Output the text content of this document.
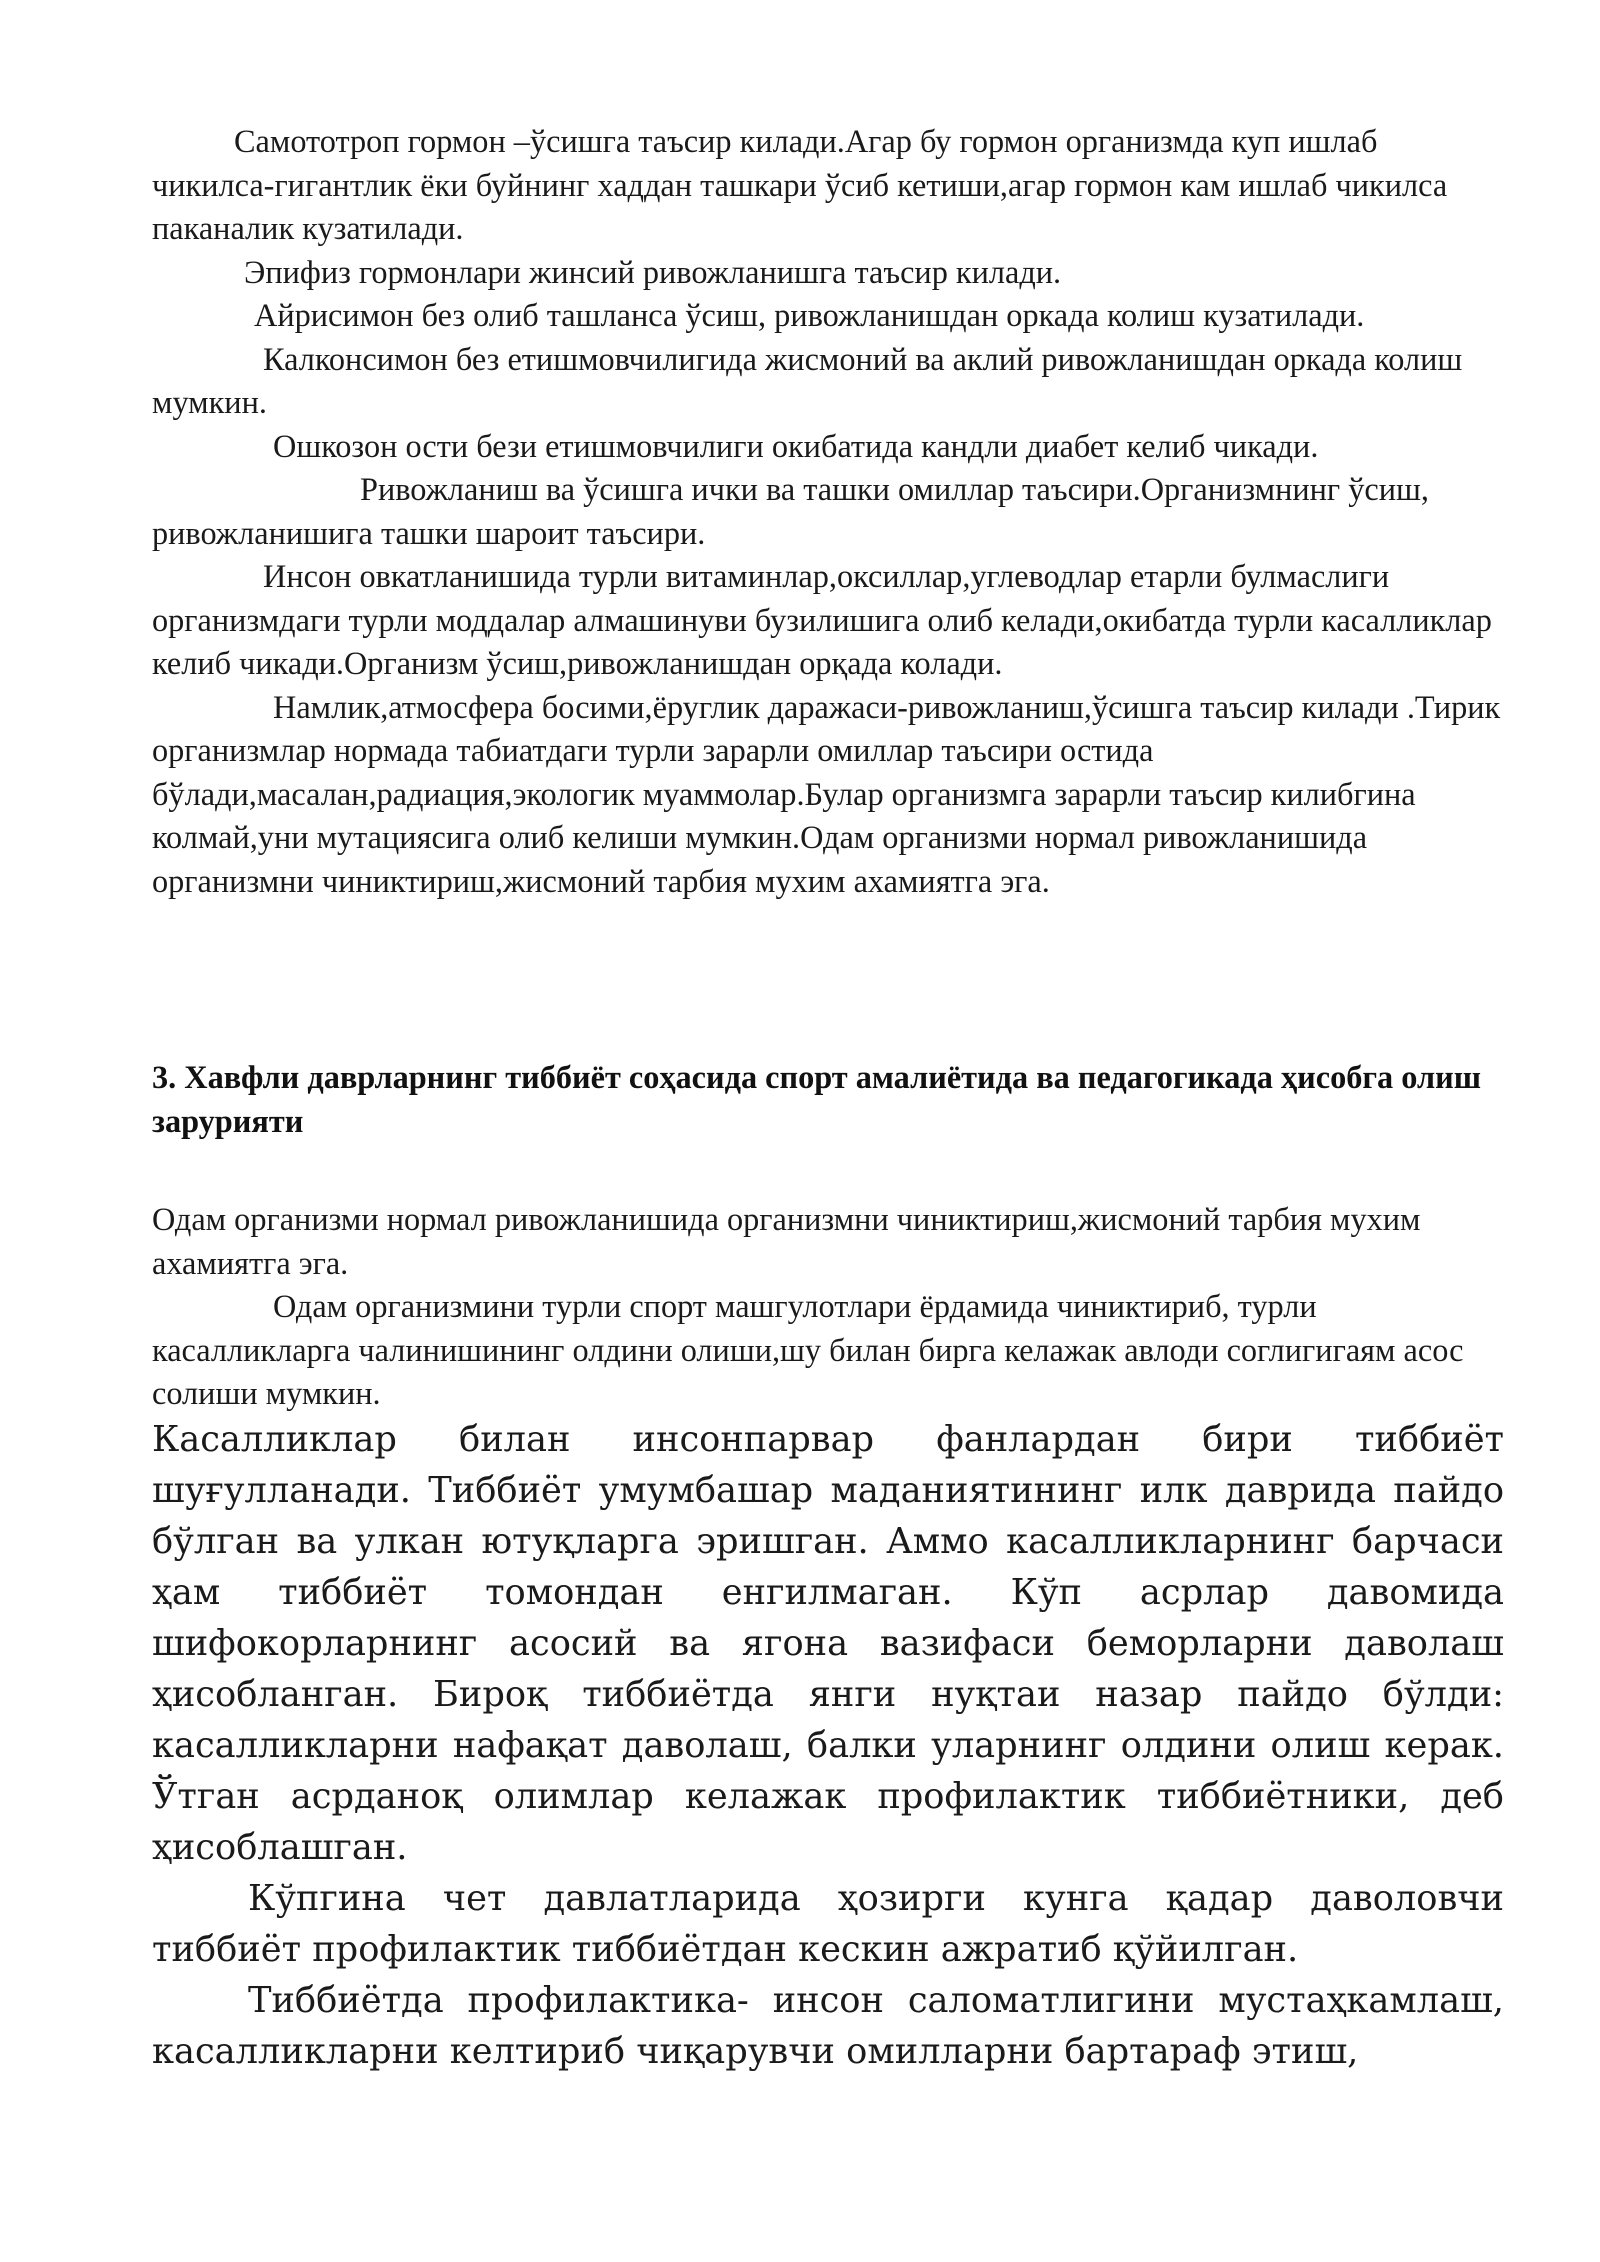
Самототроп гормон –ўсишга таъсир килади.Агар бу гормон организмда куп ишлаб чикилса-гигантлик ёки буйнинг хаддан ташкари ўсиб кетиши,агар гормон кам ишлаб чикилса паканалик кузатилади.

Эпифиз гормонлари жинсий ривожланишга таъсир килади.

Айрисимон без олиб ташланса ўсиш, ривожланишдан оркада колиш кузатилади.

Калконсимон без етишмовчилигида жисмоний ва аклий ривожланишдан оркада колиш мумкин.

Ошкозон ости бези етишмовчилиги окибатида кандли диабет келиб чикади.

Ривожланиш ва ўсишга ички ва ташки омиллар таъсири.Организмнинг ўсиш, ривожланишига ташки шароит таъсири.

Инсон овкатланишида турли витаминлар,оксиллар,углеводлар етарли булмаслиги организмдаги турли моддалар алмашинуви бузилишига олиб келади,окибатда турли касалликлар келиб чикади.Организм ўсиш,ривожланишдан орқада колади.

Намлик,атмосфера босими,ёруглик даражаси-ривожланиш,ўсишга таъсир килади .Тирик организмлар нормада табиатдаги турли зарарли омиллар таъсири остида бўлади,масалан,радиация,экологик муаммолар.Булар организмга зарарли таъсир килибгина колмай,уни мутациясига олиб келиши мумкин.Одам организми нормал ривожланишида организмни чиниктириш,жисмоний тарбия мухим ахамиятга эга.

3. Хавфли даврларнинг тиббиёт соҳасида спорт амалиётида ва педагогикада ҳисобга олиш зарурияти

Одам организми нормал ривожланишида организмни чиниктириш,жисмоний тарбия мухим ахамиятга эга.

Одам организмини турли спорт машгулотлари ёрдамида чиниктириб, турли касалликларга чалинишининг олдини олиши,шу билан бирга келажак авлоди соглигигаям асос солиши мумкин.

Касалликлар билан инсонпарвар фанлардан бири тиббиёт шуғулланади. Тиббиёт умумбашар маданиятининг илк даврида пайдо бўлган ва улкан ютуқларга эришган. Аммо касалликларнинг барчаси ҳам тиббиёт томондан енгилмаган. Кўп асрлар давомида шифокорларнинг асосий ва ягона вазифаси беморларни даволаш ҳисобланган. Бироқ тиббиётда янги нуқтаи назар пайдо бўлди: касалликларни нафақат даволаш, балки уларнинг олдини олиш керак. Ўтган асрданоқ олимлар келажак профилактик тиббиётники, деб ҳисоблашган.

Кўпгина чет давлатларида ҳозирги кунга қадар даволовчи тиббиёт профилактик тиббиётдан кескин ажратиб қўйилган.

Тиббиётда профилактика- инсон саломатлигини мустаҳкамлаш, касалликларни келтириб чиқарувчи омилларни бартараф этиш,
